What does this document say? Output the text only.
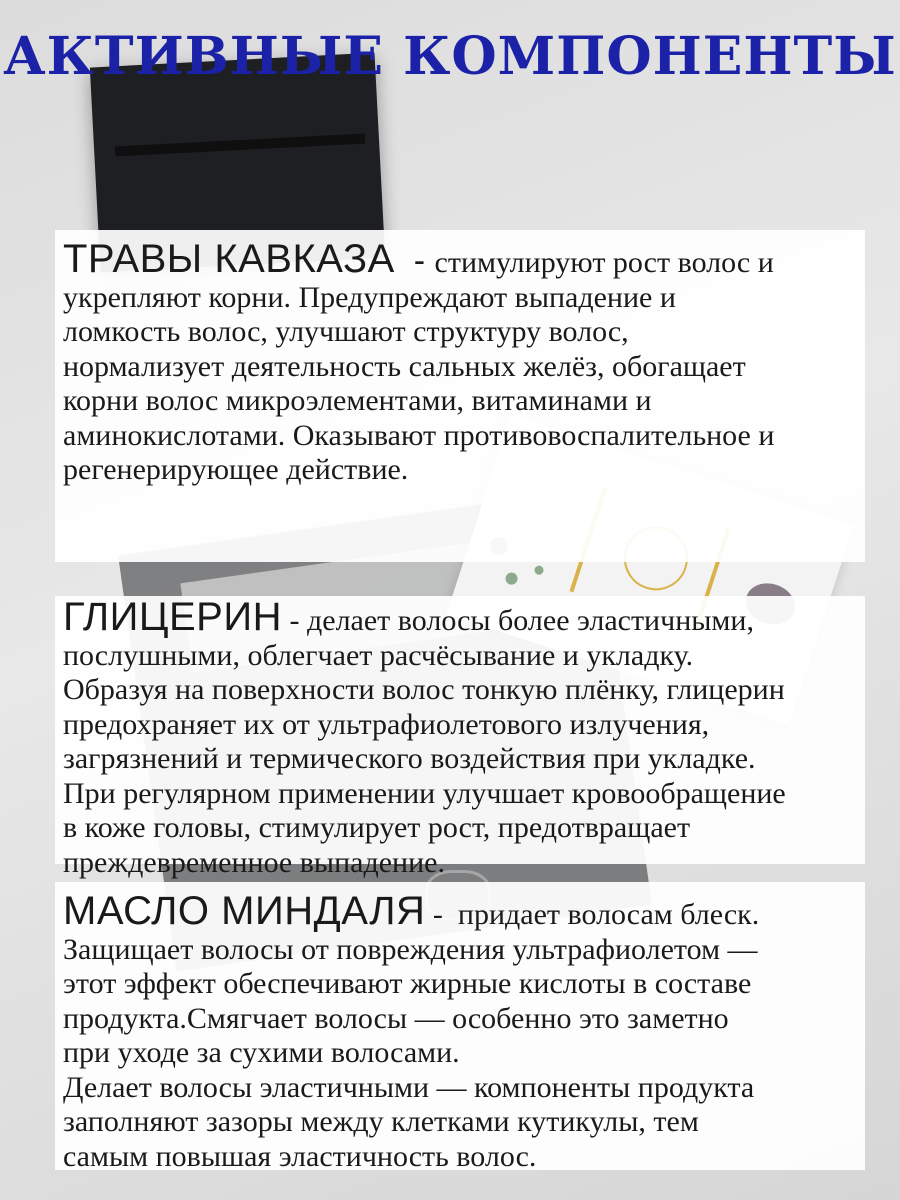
АКТИВНЫЕ КОМПОНЕНТЫ

ТРАВЫ КАВКАЗА  - стимулируют рост волос и

укрепляют корни. Предупреждают выпадение и

ломкость волос, улучшают структуру волос,

нормализует деятельность сальных желёз, обогащает

корни волос микроэлементами, витаминами и

аминокислотами. Оказывают противовоспалительное и

регенерирующее действие.

ГЛИЦЕРИН - делает волосы более эластичными,

послушными, облегчает расчёсывание и укладку.

Образуя на поверхности волос тонкую плёнку, глицерин

предохраняет их от ультрафиолетового излучения,

загрязнений и термического воздействия при укладке.

При регулярном применении улучшает кровообращение

в коже головы, стимулирует рост, предотвращает

преждевременное выпадение.

МАСЛО МИНДАЛЯ -  придает волосам блеск.

Защищает волосы от повреждения ультрафиолетом —

этот эффект обеспечивают жирные кислоты в составе

продукта.Смягчает волосы — особенно это заметно

при уходе за сухими волосами.

Делает волосы эластичными — компоненты продукта

заполняют зазоры между клетками кутикулы, тем

самым повышая эластичность волос.
